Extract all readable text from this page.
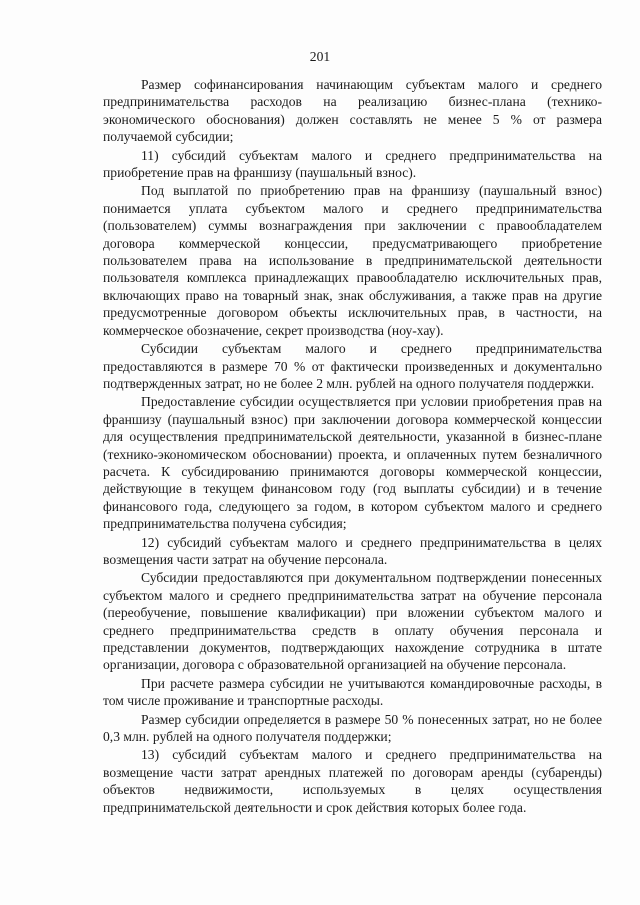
201

Размер софинансирования начинающим субъектам малого и среднего предпринимательства расходов на реализацию бизнес-плана (технико-экономического обоснования) должен составлять не менее 5 % от размера получаемой субсидии;

11) субсидий субъектам малого и среднего предпринимательства на приобретение прав на франшизу (паушальный взнос).

Под выплатой по приобретению прав на франшизу (паушальный взнос) понимается уплата субъектом малого и среднего предпринимательства (пользователем) суммы вознаграждения при заключении с правообладателем договора коммерческой концессии, предусматривающего приобретение пользователем права на использование в предпринимательской деятельности пользователя комплекса принадлежащих правообладателю исключительных прав, включающих право на товарный знак, знак обслуживания, а также прав на другие предусмотренные договором объекты исключительных прав, в частности, на коммерческое обозначение, секрет производства (ноу-хау).

Субсидии субъектам малого и среднего предпринимательства предоставляются в размере 70 % от фактически произведенных и документально подтвержденных затрат, но не более 2 млн. рублей на одного получателя поддержки.

Предоставление субсидии осуществляется при условии приобретения прав на франшизу (паушальный взнос) при заключении договора коммерческой концессии для осуществления предпринимательской деятельности, указанной в бизнес-плане (технико-экономическом обосновании) проекта, и оплаченных путем безналичного расчета. К субсидированию принимаются договоры коммерческой концессии, действующие в текущем финансовом году (год выплаты субсидии) и в течение финансового года, следующего за годом, в котором субъектом малого и среднего предпринимательства получена субсидия;

12) субсидий субъектам малого и среднего предпринимательства в целях возмещения части затрат на обучение персонала.

Субсидии предоставляются при документальном подтверждении понесенных субъектом малого и среднего предпринимательства затрат на обучение персонала (переобучение, повышение квалификации) при вложении субъектом малого и среднего предпринимательства средств в оплату обучения персонала и представлении документов, подтверждающих нахождение сотрудника в штате организации, договора с образовательной организацией на обучение персонала.

При расчете размера субсидии не учитываются командировочные расходы, в том числе проживание и транспортные расходы.

Размер субсидии определяется в размере 50 % понесенных затрат, но не более 0,3 млн. рублей на одного получателя поддержки;

13) субсидий субъектам малого и среднего предпринимательства на возмещение части затрат арендных платежей по договорам аренды (субаренды) объектов недвижимости, используемых в целях осуществления предпринимательской деятельности и срок действия которых более года.
